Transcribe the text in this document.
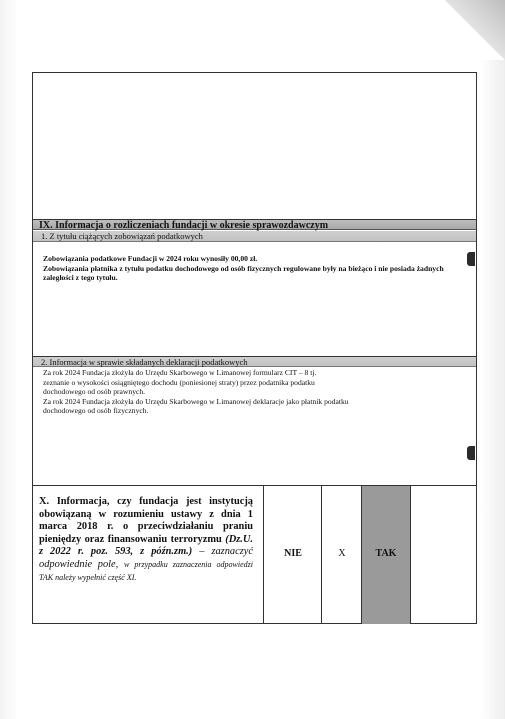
IX. Informacja o rozliczeniach fundacji w okresie sprawozdawczym
1. Z tytułu ciążących zobowiązań podatkowych
Zobowiązania podatkowe Fundacji w 2024 roku wynosiły 00,00 zł.
Zobowiązania płatnika z tytułu podatku dochodowego od osób fizycznych regulowane były na bieżąco i nie posiada żadnych zaległości z tego tytułu.
2. Informacja w sprawie składanych deklaracji podatkowych
Za rok 2024 Fundacja złożyła do Urzędu Skarbowego w Limanowej formularz CIT – 8 tj.
zeznanie o wysokości osiągniętego dochodu (poniesionej straty) przez podatnika podatku
dochodowego od osób prawnych.
Za rok 2024 Fundacja złożyła do Urzędu Skarbowego w Limanowej deklaracje jako płatnik podatku
dochodowego od osób fizycznych.
X. Informacja, czy fundacja jest instytucją obowiązaną w rozumieniu ustawy z dnia 1 marca 2018 r. o przeciwdziałaniu praniu pieniędzy oraz finansowaniu terroryzmu (Dz.U. z 2022 r. poz. 593, z późn.zm.) – zaznaczyć odpowiednie pole, w przypadku zaznaczenia odpowiedzi TAK należy wypełnić część XI.
NIE	X	TAK
